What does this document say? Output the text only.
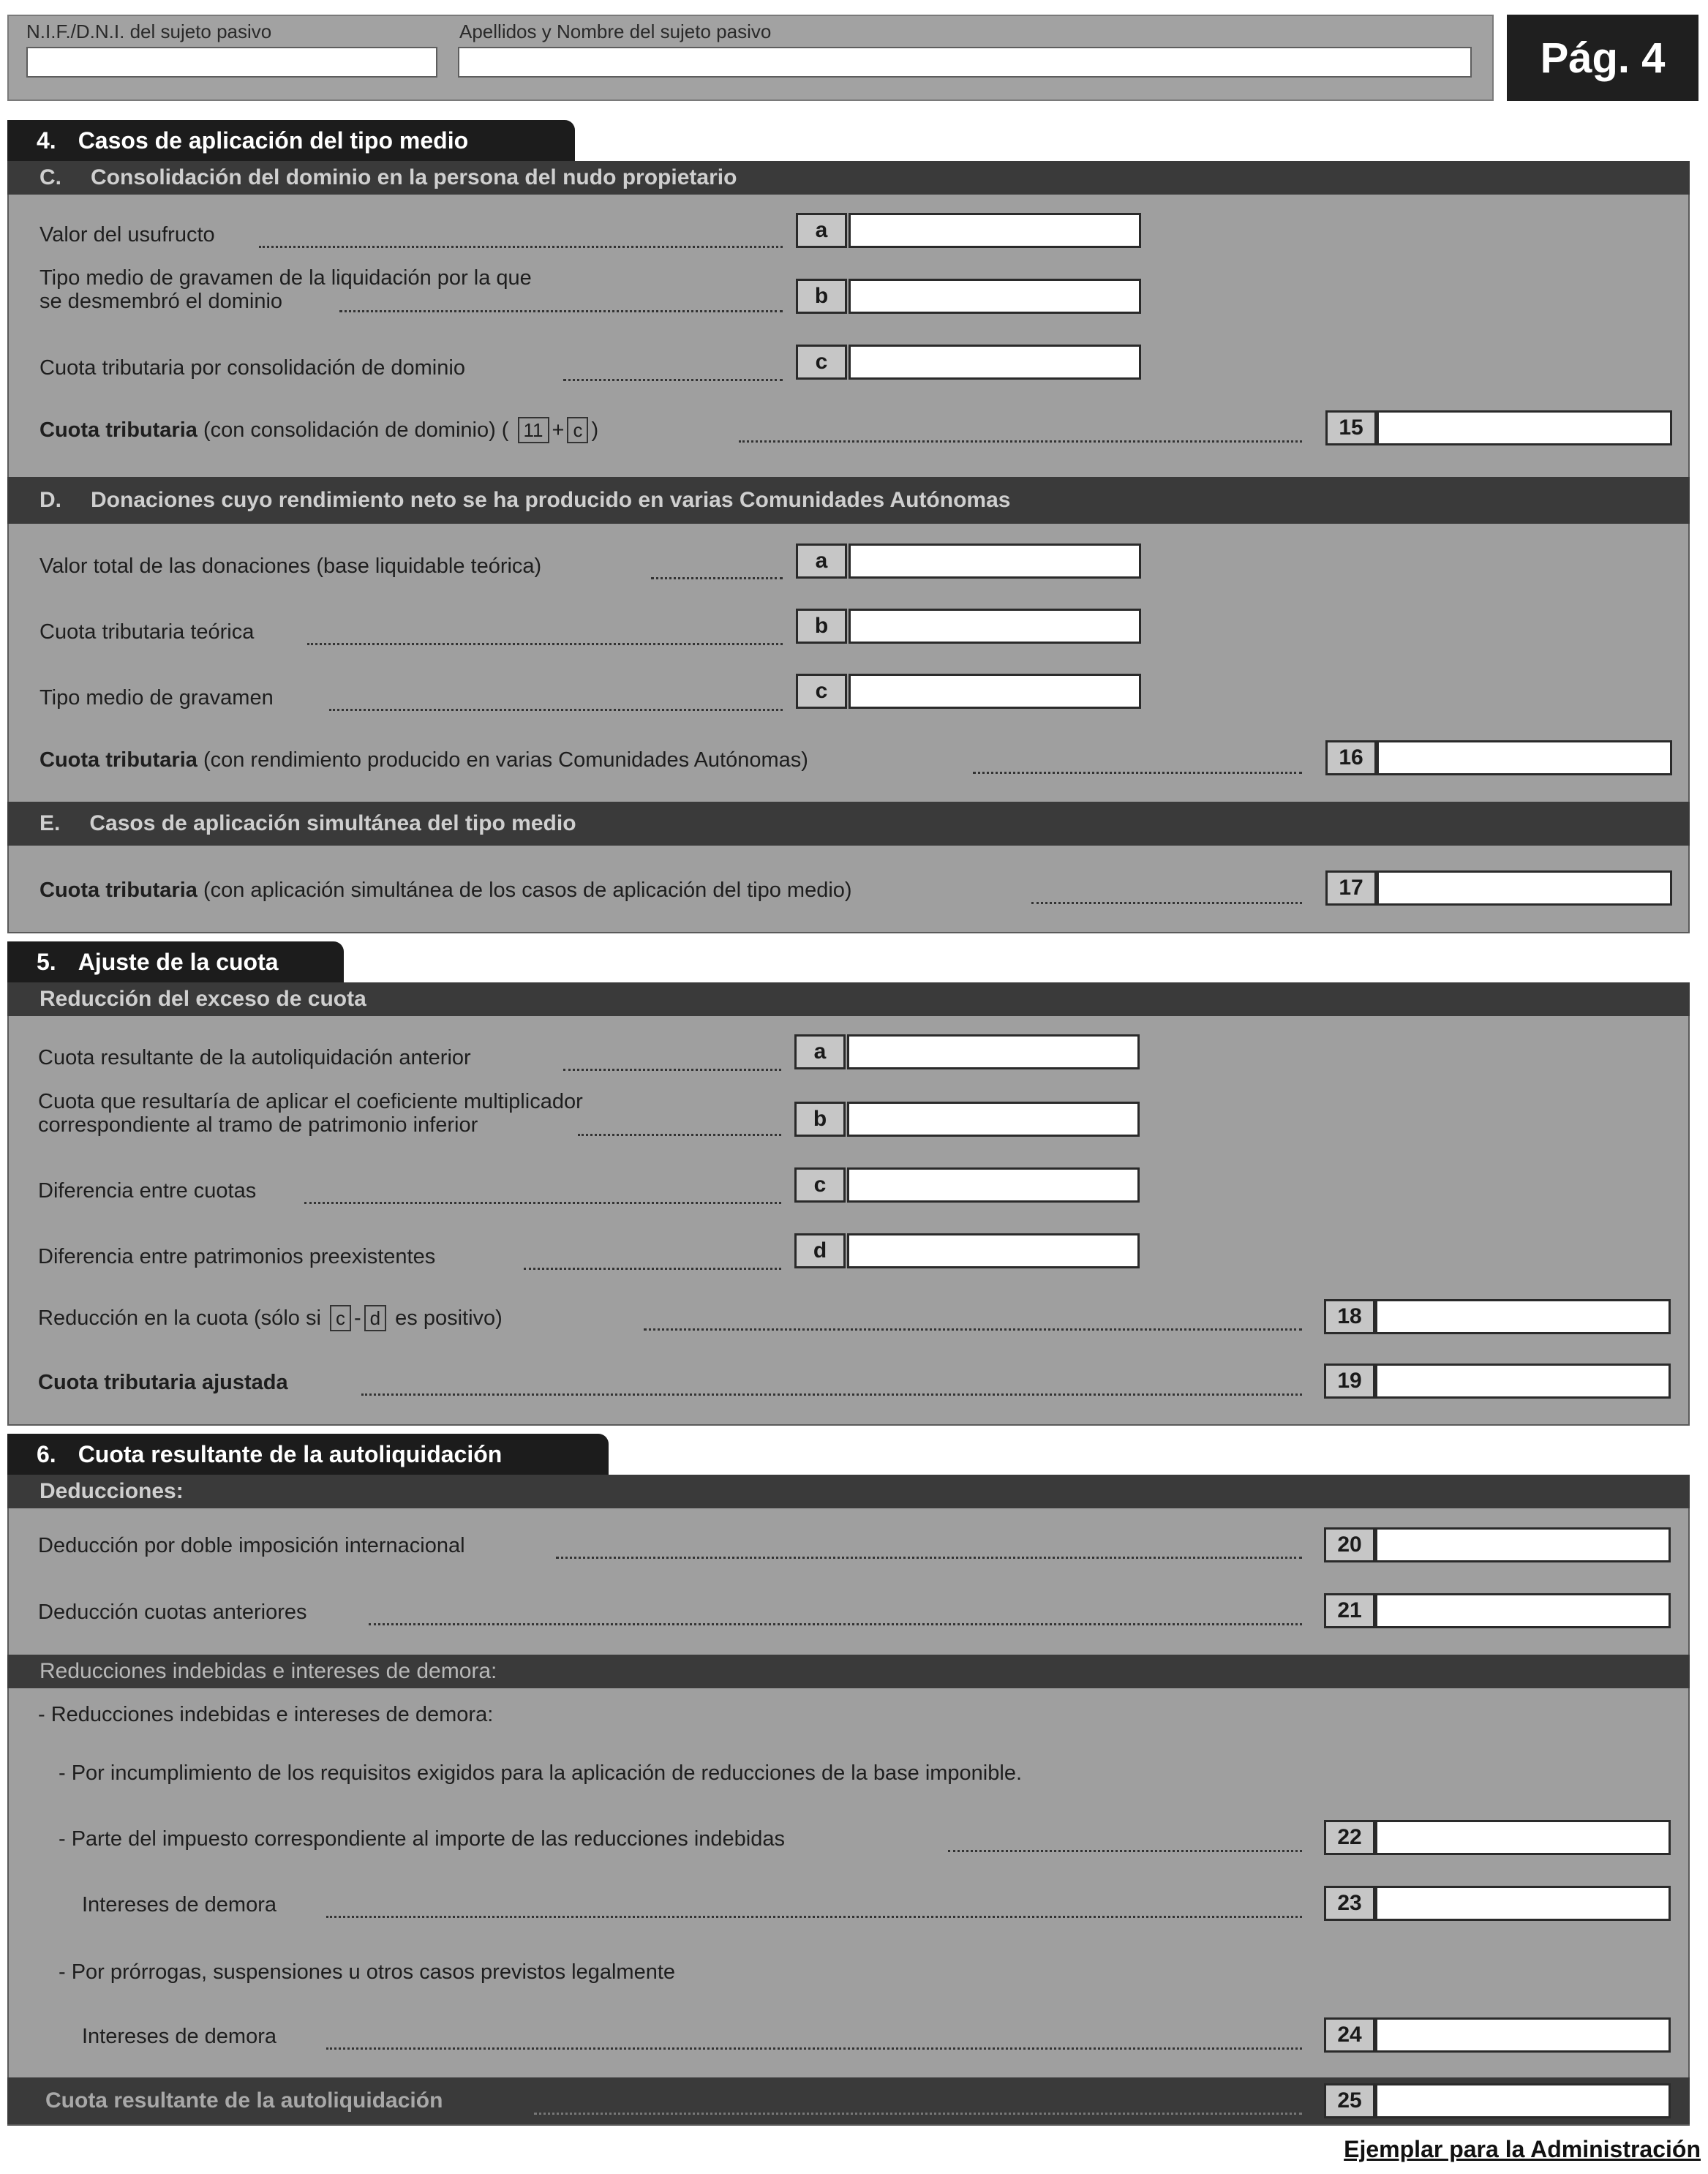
N.I.F./D.N.I. del sujeto pasivo	Apellidos y Nombre del sujeto pasivo
Pág. 4
4. Casos de aplicación del tipo medio
C. Consolidación del dominio en la persona del nudo propietario
Valor del usufructo	a
Tipo medio de gravamen de la liquidación por la que
se desmembró el dominio	b
Cuota tributaria por consolidación de dominio	c
Cuota tributaria (con consolidación de dominio) ( 11 + c )	15
D. Donaciones cuyo rendimiento neto se ha producido en varias Comunidades Autónomas
Valor total de las donaciones (base liquidable teórica)	a
Cuota tributaria teórica	b
Tipo medio de gravamen	c
Cuota tributaria (con rendimiento producido en varias Comunidades Autónomas)	16
E. Casos de aplicación simultánea del tipo medio
Cuota tributaria (con aplicación simultánea de los casos de aplicación del tipo medio)	17
5. Ajuste de la cuota
Reducción del exceso de cuota
Cuota resultante de la autoliquidación anterior	a
Cuota que resultaría de aplicar el coeficiente multiplicador
correspondiente al tramo de patrimonio inferior	b
Diferencia entre cuotas	c
Diferencia entre patrimonios preexistentes	d
Reducción en la cuota (sólo si c - d es positivo)	18
Cuota tributaria ajustada	19
6. Cuota resultante de la autoliquidación
Deducciones:
Deducción por doble imposición internacional	20
Deducción cuotas anteriores	21
Reducciones indebidas e intereses de demora:
- Reducciones indebidas e intereses de demora:
- Por incumplimiento de los requisitos exigidos para la aplicación de reducciones de la base imponible.
- Parte del impuesto correspondiente al importe de las reducciones indebidas	22
Intereses de demora	23
- Por prórrogas, suspensiones u otros casos previstos legalmente
Intereses de demora	24
Cuota resultante de la autoliquidación	25
Ejemplar para la Administración
